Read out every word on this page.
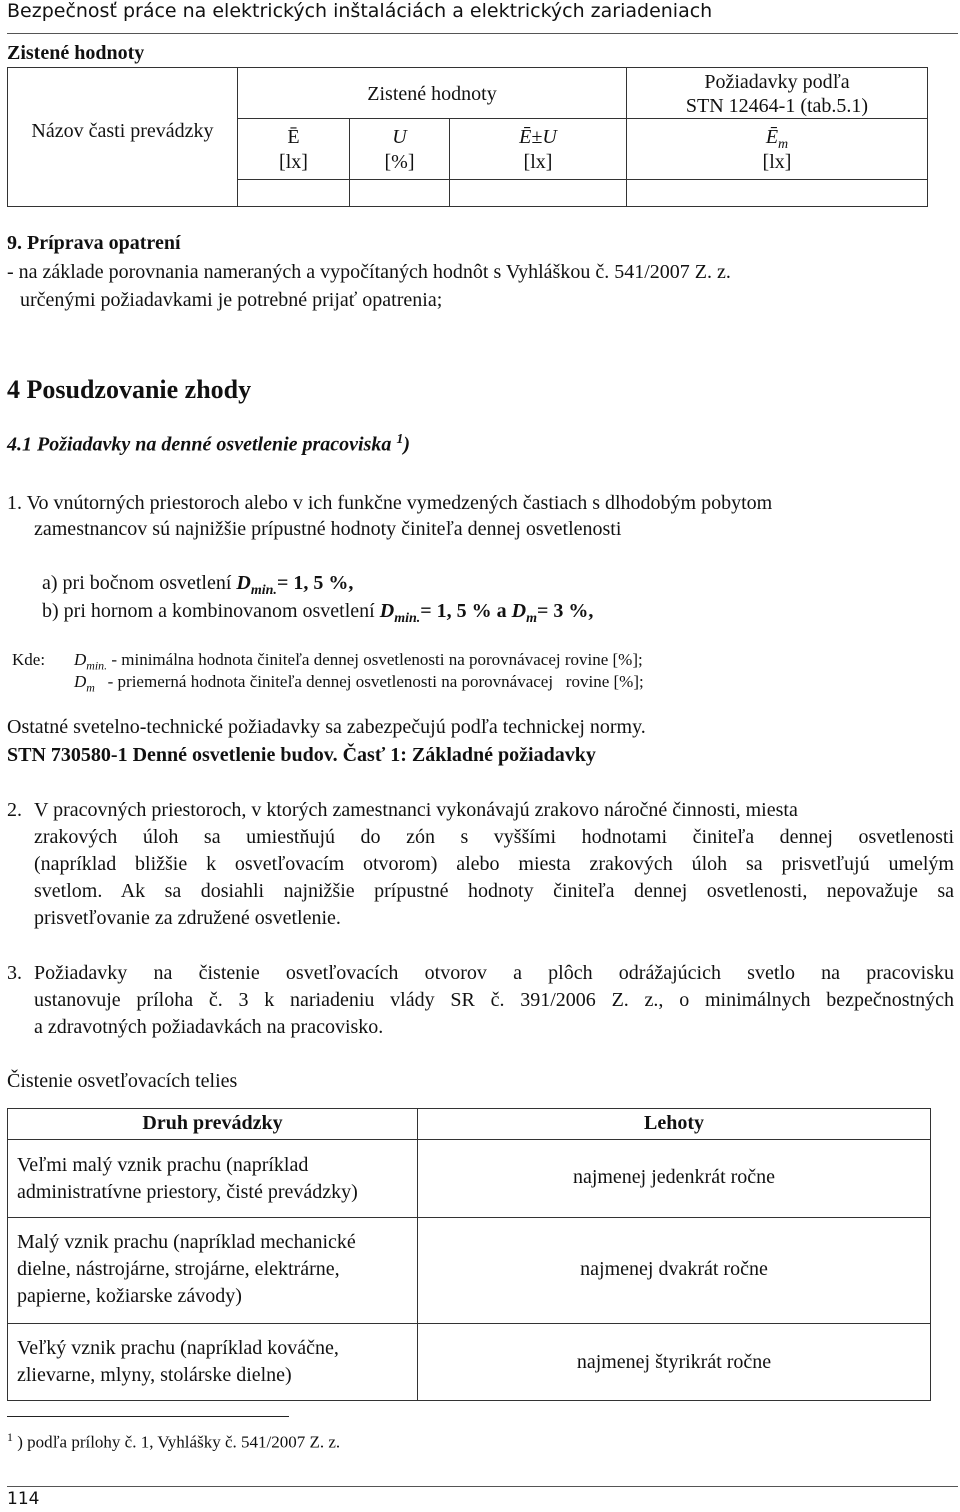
Bezpečnosť práce na elektrických inštaláciách a elektrických zariadeniach
Zistené hodnoty
Názov časti prevádzky
Zistené hodnoty
Požiadavky podľa
STN 12464-1 (tab.5.1)
Ē
[lx]
U
[%]
Ē±U
[lx]
$Ē_m$
[lx]
9. Príprava opatrení
- na základe porovnania nameraných a vypočítaných hodnôt s Vyhláškou č. 541/2007 Z. z.
určenými požiadavkami je potrebné prijať opatrenia;
4 Posudzovanie zhody
4.1 Požiadavky na denné osvetlenie pracoviska $^1$)
1. Vo vnútorných priestoroch alebo v ich funkčne vymedzených častiach s dlhodobým pobytom
zamestnancov sú najnižšie prípustné hodnoty činiteľa dennej osvetlenosti
a) pri bočnom osvetlení $D_{min.}= 1$, 5 %,
b) pri hornom a kombinovanom osvetlení $D_{min.}= 1$, 5 % a $D_m= 3$ %,
Kde: $D_{min.}$ - minimálna hodnota činiteľa dennej osvetlenosti na porovnávacej rovine [%];
$D_m$   - priemerná hodnota činiteľa dennej osvetlenosti na porovnávacej   rovine [%];
Ostatné svetelno-technické požiadavky sa zabezpečujú podľa technickej normy.
STN 730580-1 Denné osvetlenie budov. Časť 1: Základné požiadavky
2. V pracovných priestoroch, v ktorých zamestnanci vykonávajú zrakovo náročné činnosti, miesta
zrakových úloh sa umiestňujú do zón s vyššími hodnotami činiteľa dennej osvetlenosti
(napríklad bližšie k osvetľovacím otvorom) alebo miesta zrakových úloh sa prisvetľujú umelým
svetlom. Ak sa dosiahli najnižšie prípustné hodnoty činiteľa dennej osvetlenosti, nepovažuje sa
prisvetľovanie za združené osvetlenie.
3. Požiadavky na čistenie osvetľovacích otvorov a plôch odrážajúcich svetlo na pracovisku
ustanovuje príloha č. 3 k nariadeniu vlády SR č. 391/2006 Z. z., o minimálnych bezpečnostných
a zdravotných požiadavkách na pracovisko.
Čistenie osvetľovacích telies
Druh prevádzky	Lehoty
Veľmi malý vznik prachu (napríklad
administratívne priestory, čisté prevádzky)
najmenej jedenkrát ročne
Malý vznik prachu (napríklad mechanické
dielne, nástrojárne, strojárne, elektrárne,
papierne, kožiarske závody)
najmenej dvakrát ročne
Veľký vznik prachu (napríklad kováčne,
zlievarne, mlyny, stolárske dielne)
najmenej štyrikrát ročne
$^1$ ) podľa prílohy č. 1, Vyhlášky č. 541/2007 Z. z.
114
